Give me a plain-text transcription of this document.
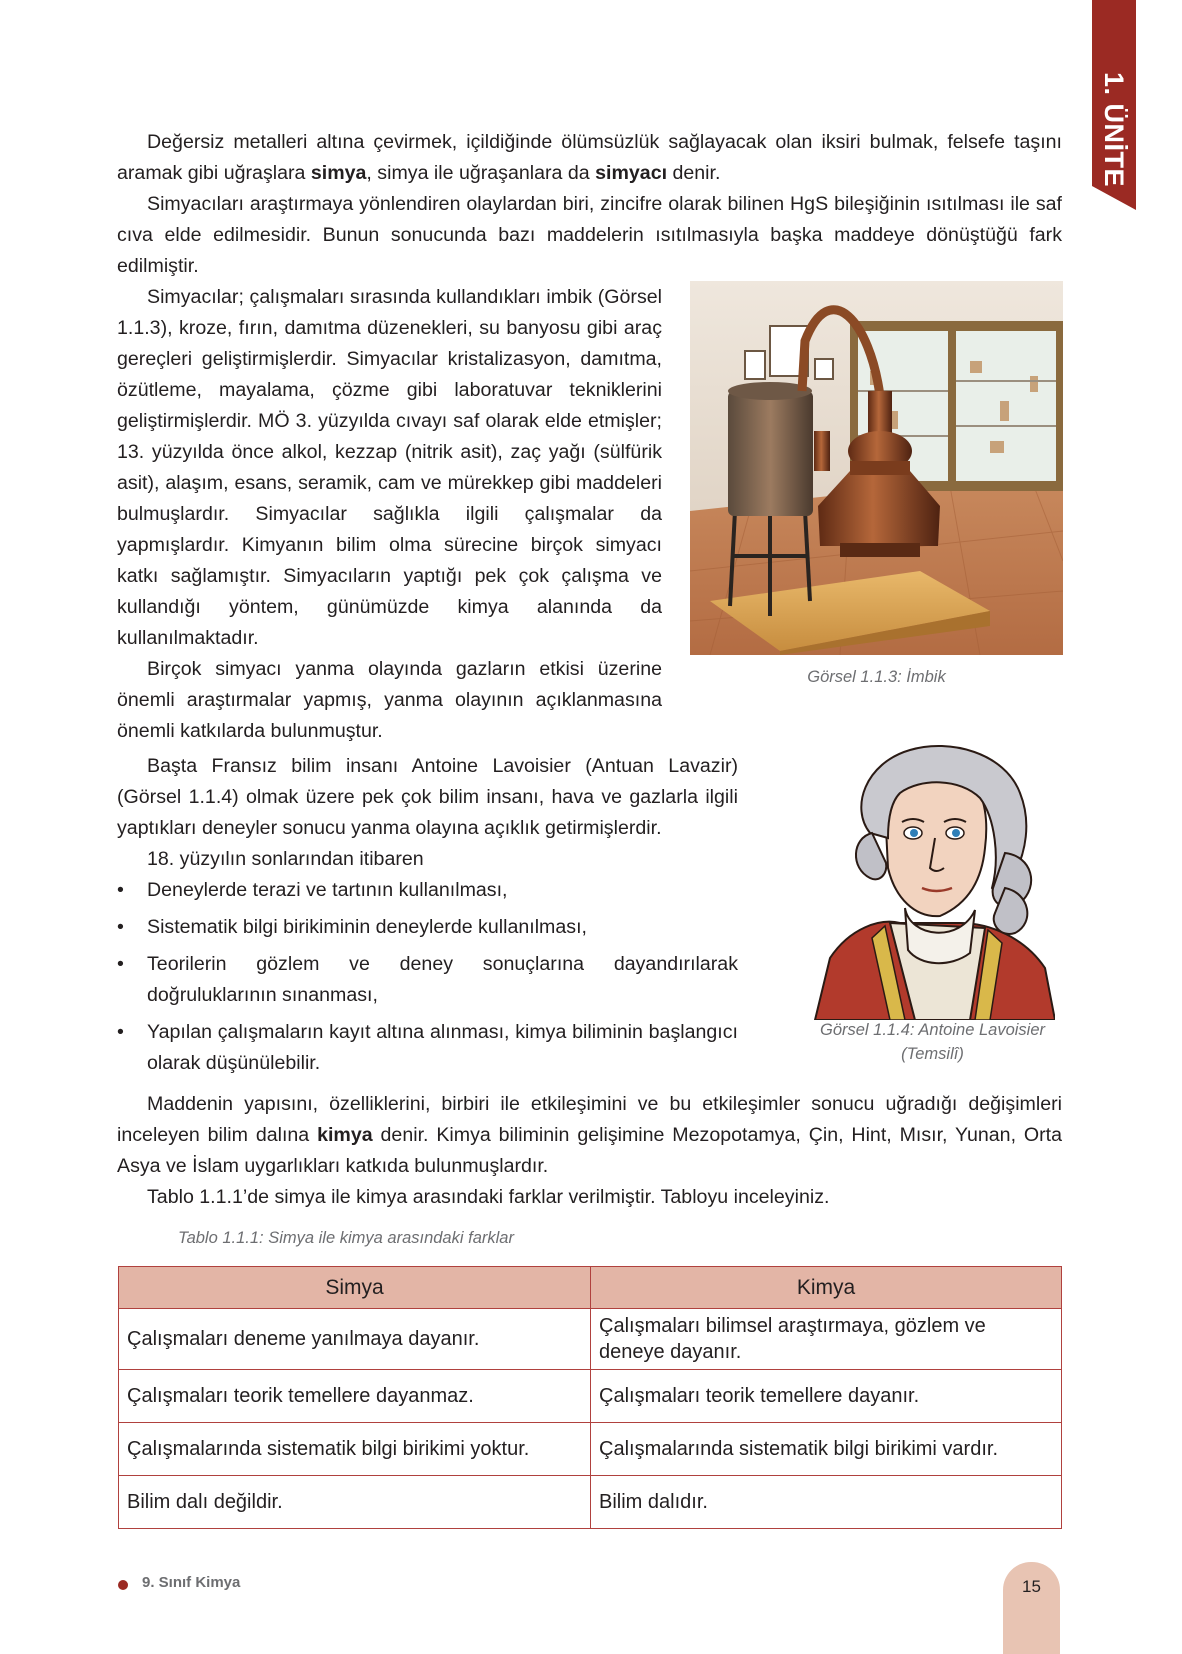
1. ÜNİTE

Değersiz metalleri altına çevirmek, içildiğinde ölümsüzlük sağlayacak olan iksiri bulmak, felsefe taşını aramak gibi uğraşlara simya, simya ile uğraşanlara da simyacı denir.

Simyacıları araştırmaya yönlendiren olaylardan biri, zincifre olarak bilinen HgS bileşiğinin ısıtılması ile saf cıva elde edilmesidir. Bunun sonucunda bazı maddelerin ısıtılmasıyla başka maddeye dönüştüğü fark edilmiştir.

Simyacılar; çalışmaları sırasında kullandıkları imbik (Görsel 1.1.3), kroze, fırın, damıtma düzenekleri, su banyosu gibi araç gereçleri geliştirmişlerdir. Simyacılar kristalizasyon, damıtma, özütleme, mayalama, çözme gibi laboratuvar tekniklerini geliştirmişlerdir. MÖ 3. yüzyılda cıvayı saf olarak elde etmişler; 13. yüzyılda önce alkol, kezzap (nitrik asit), zaç yağı (sülfürik asit), alaşım, esans, seramik, cam ve mürekkep gibi maddeleri bulmuşlardır. Simyacılar sağlıkla ilgili çalışmalar da yapmışlardır. Kimyanın bilim olma sürecine birçok simyacı katkı sağlamıştır. Simyacıların yaptığı pek çok çalışma ve kullandığı yöntem, günümüzde kimya alanında da kullanılmaktadır.

Birçok simyacı yanma olayında gazların etkisi üzerine önemli araştırmalar yapmış, yanma olayının açıklanmasına önemli katkılarda bulunmuştur.

Görsel 1.1.3: İmbik

Başta Fransız bilim insanı Antoine Lavoisier (Antuan Lavazir) (Görsel 1.1.4) olmak üzere pek çok bilim insanı, hava ve gazlarla ilgili yaptıkları deneyler sonucu yanma olayına açıklık getirmişlerdir.

18. yüzyılın sonlarından itibaren

• Deneylerde terazi ve tartının kullanılması,
• Sistematik bilgi birikiminin deneylerde kullanılması,
• Teorilerin gözlem ve deney sonuçlarına dayandırılarak doğruluklarının sınanması,
• Yapılan çalışmaların kayıt altına alınması, kimya biliminin başlangıcı olarak düşünülebilir.
Görsel 1.1.4: Antoine Lavoisier
(Temsilî)

Maddenin yapısını, özelliklerini, birbiri ile etkileşimini ve bu etkileşimler sonucu uğradığı değişimleri inceleyen bilim dalına kimya denir. Kimya biliminin gelişimine Mezopotamya, Çin, Hint, Mısır, Yunan, Orta Asya ve İslam uygarlıkları katkıda bulunmuşlardır.

Tablo 1.1.1’de simya ile kimya arasındaki farklar verilmiştir. Tabloyu inceleyiniz.

Tablo 1.1.1: Simya ile kimya arasındaki farklar
Simya	Kimya
Çalışmaları deneme yanılmaya dayanır.	Çalışmaları bilimsel araştırmaya, gözlem ve deneye dayanır.
Çalışmaları teorik temellere dayanmaz.	Çalışmaları teorik temellere dayanır.
Çalışmalarında sistematik bilgi birikimi yoktur.	Çalışmalarında sistematik bilgi birikimi vardır.
Bilim dalı değildir.	Bilim dalıdır.
9. Sınıf Kimya	15
